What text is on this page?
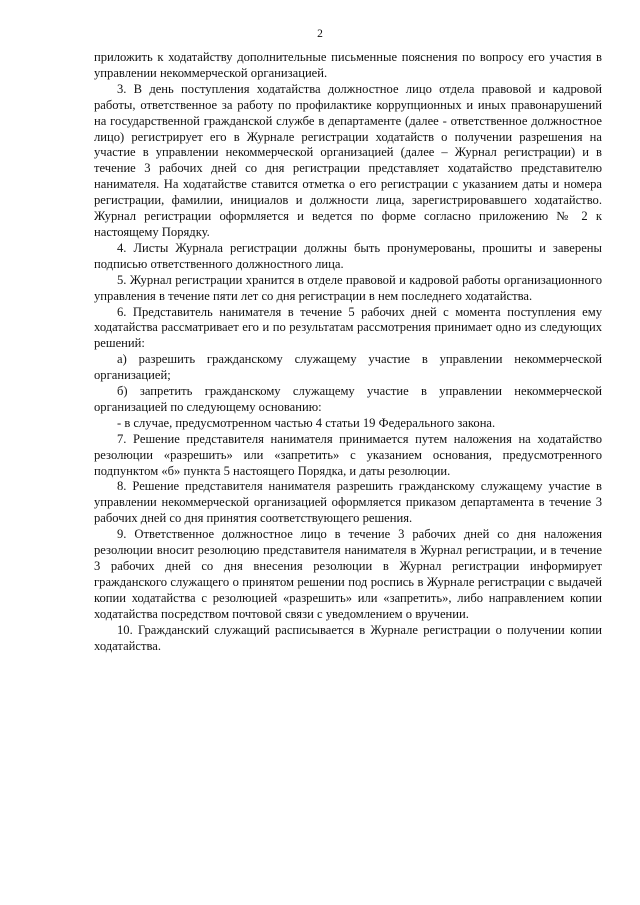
2

приложить к ходатайству дополнительные письменные пояснения по вопросу его участия в управлении некоммерческой организацией.

3. В день поступления ходатайства должностное лицо отдела правовой и кадровой работы, ответственное за работу по профилактике коррупционных и иных правонарушений на государственной гражданской службе в департаменте (далее - ответственное должностное лицо) регистрирует его в Журнале регистрации ходатайств о получении разрешения на участие в управлении некоммерческой организацией (далее – Журнал регистрации) и в течение 3 рабочих дней со дня регистрации представляет ходатайство представителю нанимателя. На ходатайстве ставится отметка о его регистрации с указанием даты и номера регистрации, фамилии, инициалов и должности лица, зарегистрировавшего ходатайство. Журнал регистрации оформляется и ведется по форме согласно приложению № 2 к настоящему Порядку.

4. Листы Журнала регистрации должны быть пронумерованы, прошиты и заверены подписью ответственного должностного лица.

5. Журнал регистрации хранится в отделе правовой и кадровой работы организационного управления в течение пяти лет со дня регистрации в нем последнего ходатайства.

6. Представитель нанимателя в течение 5 рабочих дней с момента поступления ему ходатайства рассматривает его и по результатам рассмотрения принимает одно из следующих решений:

а) разрешить гражданскому служащему участие в управлении некоммерческой организацией;

б) запретить гражданскому служащему участие в управлении некоммерческой организацией по следующему основанию:

- в случае, предусмотренном частью 4 статьи 19 Федерального закона.

7. Решение представителя нанимателя принимается путем наложения на ходатайство резолюции «разрешить» или «запретить» с указанием основания, предусмотренного подпунктом «б» пункта 5 настоящего Порядка, и даты резолюции.

8. Решение представителя нанимателя разрешить гражданскому служащему участие в управлении некоммерческой организацией оформляется приказом департамента в течение 3 рабочих дней со дня принятия соответствующего решения.

9. Ответственное должностное лицо в течение 3 рабочих дней со дня наложения резолюции вносит резолюцию представителя нанимателя в Журнал регистрации, и в течение 3 рабочих дней со дня внесения резолюции в Журнал регистрации информирует гражданского служащего о принятом решении под роспись в Журнале регистрации с выдачей копии ходатайства с резолюцией «разрешить» или «запретить», либо направлением копии ходатайства посредством почтовой связи с уведомлением о вручении.

10. Гражданский служащий расписывается в Журнале регистрации о получении копии ходатайства.
